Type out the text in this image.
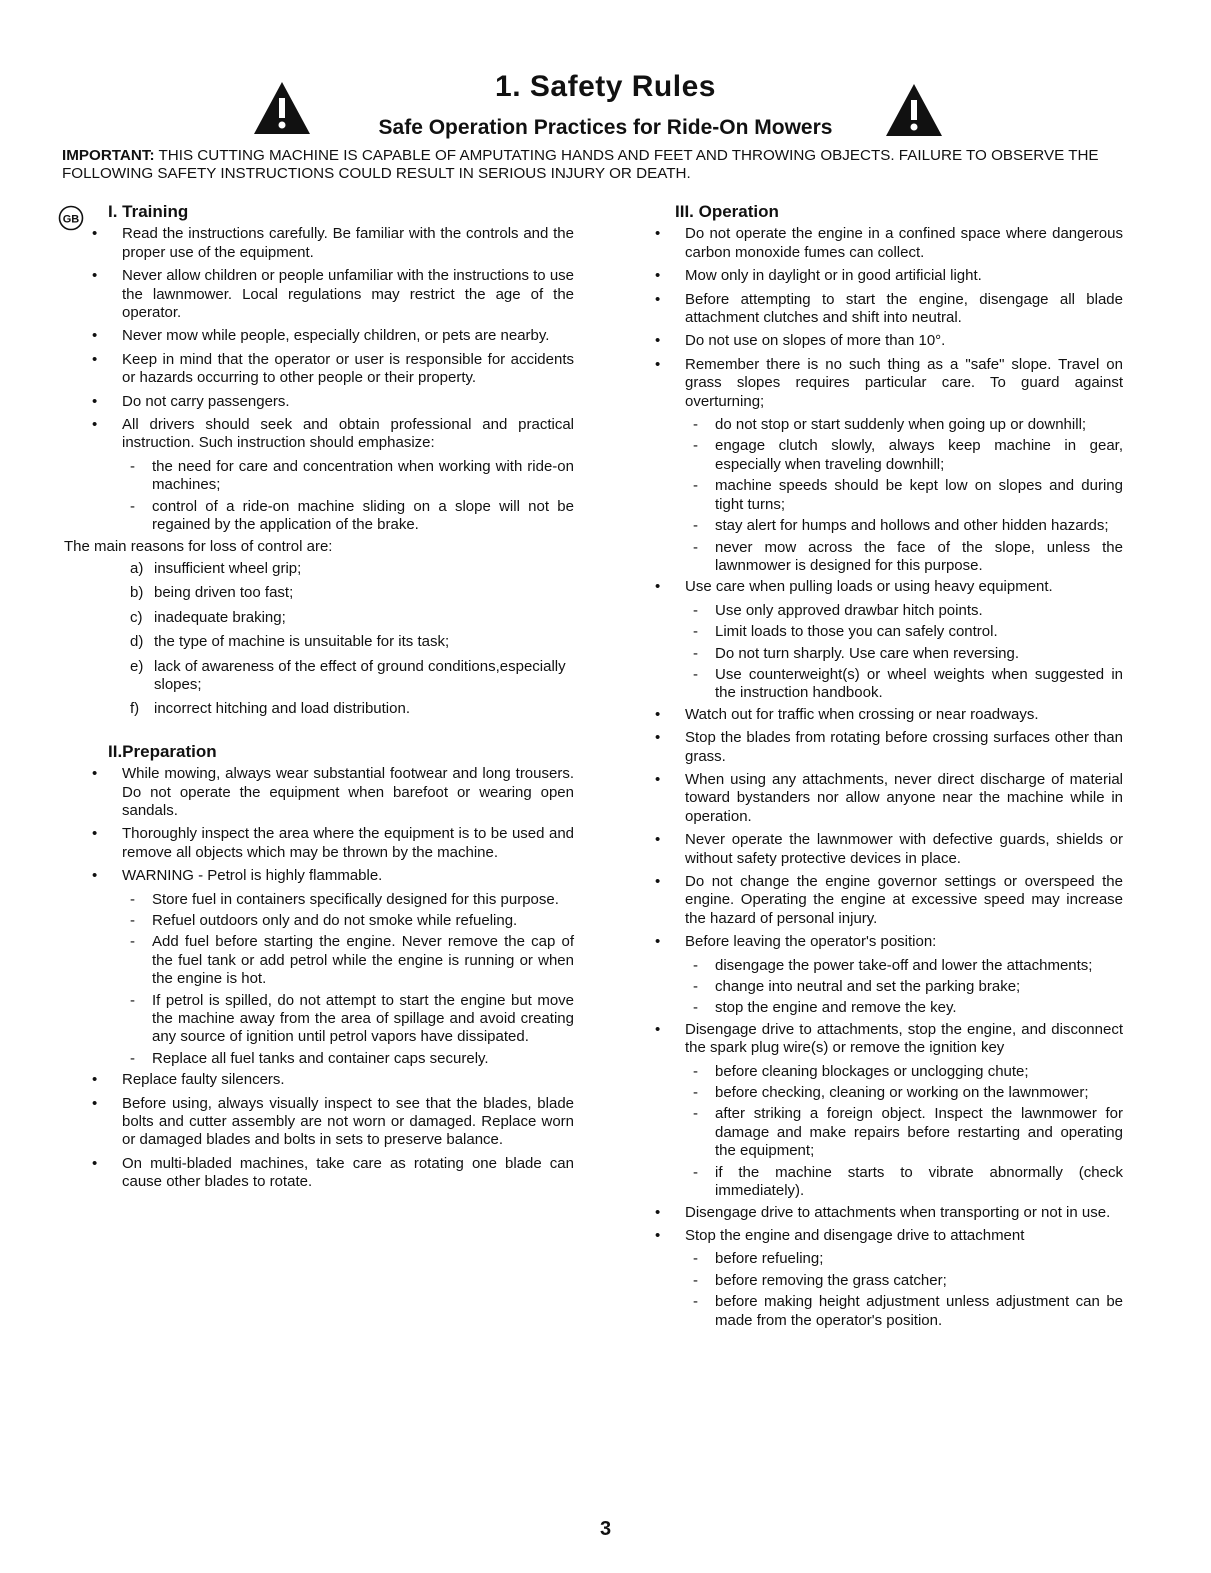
1. Safety Rules
Safe Operation Practices for Ride-On Mowers
IMPORTANT: THIS CUTTING MACHINE IS CAPABLE OF AMPUTATING HANDS AND FEET AND THROWING OBJECTS. FAILURE TO OBSERVE THE FOLLOWING SAFETY INSTRUCTIONS COULD RESULT IN SERIOUS INJURY OR DEATH.
GB I. Training
• Read the instructions carefully. Be familiar with the controls and the proper use of the equipment.
• Never allow children or people unfamiliar with the instructions to use the lawnmower. Local regulations may restrict the age of the operator.
• Never mow while people, especially children, or pets are nearby.
• Keep in mind that the operator or user is responsible for accidents or hazards occurring to other people or their property.
• Do not carry passengers.
• All drivers should seek and obtain professional and practical instruction. Such instruction should emphasize:
- the need for care and concentration when working with ride-on machines;
- control of a ride-on machine sliding on a slope will not be regained by the application of the brake.
The main reasons for loss of control are:
a) insufficient wheel grip;
b) being driven too fast;
c) inadequate braking;
d) the type of machine is unsuitable for its task;
e) lack of awareness of the effect of ground conditions,especially slopes;
f) incorrect hitching and load distribution.
II.Preparation
• While mowing, always wear substantial footwear and long trousers. Do not operate the equipment when barefoot or wearing open sandals.
• Thoroughly inspect the area where the equipment is to be used and remove all objects which may be thrown by the machine.
• WARNING - Petrol is highly flammable.
- Store fuel in containers specifically designed for this purpose.
- Refuel outdoors only and do not smoke while refueling.
- Add fuel before starting the engine. Never remove the cap of the fuel tank or add petrol while the engine is running or when the engine is hot.
- If petrol is spilled, do not attempt to start the engine but move the machine away from the area of spillage and avoid creating any source of ignition until petrol vapors have dissipated.
- Replace all fuel tanks and container caps securely.
• Replace faulty silencers.
• Before using, always visually inspect to see that the blades, blade bolts and cutter assembly are not worn or damaged. Replace worn or damaged blades and bolts in sets to preserve balance.
• On multi-bladed machines, take care as rotating one blade can cause other blades to rotate.
III. Operation
• Do not operate the engine in a confined space where dangerous carbon monoxide fumes can collect.
• Mow only in daylight or in good artificial light.
• Before attempting to start the engine, disengage all blade attachment clutches and shift into neutral.
• Do not use on slopes of more than 10°.
• Remember there is no such thing as a "safe" slope. Travel on grass slopes requires particular care. To guard against overturning;
- do not stop or start suddenly when going up or downhill;
- engage clutch slowly, always keep machine in gear, especially when traveling downhill;
- machine speeds should be kept low on slopes and during tight turns;
- stay alert for humps and hollows and other hidden hazards;
- never mow across the face of the slope, unless the lawnmower is designed for this purpose.
• Use care when pulling loads or using heavy equipment.
- Use only approved drawbar hitch points.
- Limit loads to those you can safely control.
- Do not turn sharply. Use care when reversing.
- Use counterweight(s) or wheel weights when suggested in the instruction handbook.
• Watch out for traffic when crossing or near roadways.
• Stop the blades from rotating before crossing surfaces other than grass.
• When using any attachments, never direct discharge of material toward bystanders nor allow anyone near the machine while in operation.
• Never operate the lawnmower with defective guards, shields or without safety protective devices in place.
• Do not change the engine governor settings or overspeed the engine. Operating the engine at excessive speed may increase the hazard of personal injury.
• Before leaving the operator's position:
- disengage the power take-off and lower the attachments;
- change into neutral and set the parking brake;
- stop the engine and remove the key.
• Disengage drive to attachments, stop the engine, and disconnect the spark plug wire(s) or remove the ignition key
- before cleaning blockages or unclogging chute;
- before checking, cleaning or working on the lawnmower;
- after striking a foreign object. Inspect the lawnmower for damage and make repairs before restarting and operating the equipment;
- if the machine starts to vibrate abnormally (check immediately).
• Disengage drive to attachments when transporting or not in use.
• Stop the engine and disengage drive to attachment
- before refueling;
- before removing the grass catcher;
- before making height adjustment unless adjustment can be made from the operator's position.
3
